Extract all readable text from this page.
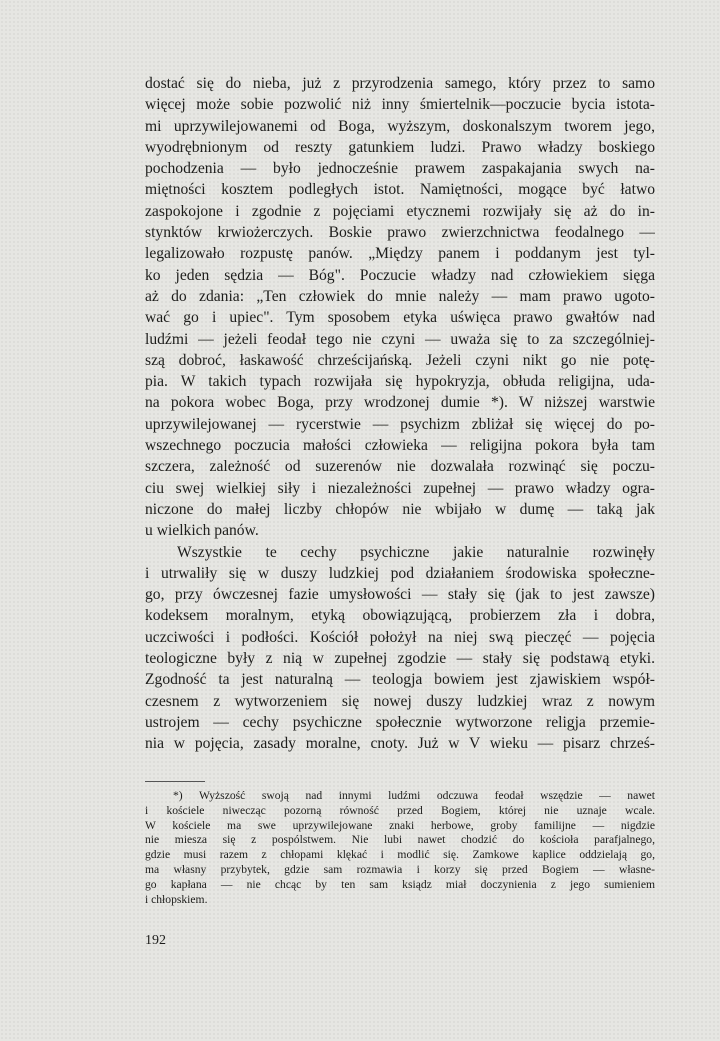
dostać się do nieba, już z przyrodzenia samego, który przez to samo
więcej może sobie pozwolić niż inny śmiertelnik—poczucie bycia istota-
mi uprzywilejowanemi od Boga, wyższym, doskonalszym tworem jego,
wyodrębnionym od reszty gatunkiem ludzi. Prawo władzy boskiego
pochodzenia — było jednocześnie prawem zaspakajania swych na-
miętności kosztem podległych istot. Namiętności, mogące być łatwo
zaspokojone i zgodnie z pojęciami etycznemi rozwijały się aż do in-
stynktów krwiożerczych. Boskie prawo zwierzchnictwa feodalnego —
legalizowało rozpustę panów. „Między panem i poddanym jest tyl-
ko jeden sędzia — Bóg". Poczucie władzy nad człowiekiem sięga
aż do zdania: „Ten człowiek do mnie należy — mam prawo ugoto-
wać go i upiec". Tym sposobem etyka uświęca prawo gwałtów nad
ludźmi — jeżeli feodał tego nie czyni — uważa się to za szczególniej-
szą dobroć, łaskawość chrześcijańską. Jeżeli czyni nikt go nie potę-
pia. W takich typach rozwijała się hypokryzja, obłuda religijna, uda-
na pokora wobec Boga, przy wrodzonej dumie *). W niższej warstwie
uprzywilejowanej — rycerstwie — psychizm zbliżał się więcej do po-
wszechnego poczucia małości człowieka — religijna pokora była tam
szczera, zależność od suzerenów nie dozwalała rozwinąć się poczu-
ciu swej wielkiej siły i niezależności zupełnej — prawo władzy ogra-
niczone do małej liczby chłopów nie wbijało w dumę — taką jak
u wielkich panów.
Wszystkie te cechy psychiczne jakie naturalnie rozwinęły
i utrwaliły się w duszy ludzkiej pod działaniem środowiska społeczne-
go, przy ówczesnej fazie umysłowości — stały się (jak to jest zawsze)
kodeksem moralnym, etyką obowiązującą, probierzem zła i dobra,
uczciwości i podłości. Kościół położył na niej swą pieczęć — pojęcia
teologiczne były z nią w zupełnej zgodzie — stały się podstawą etyki.
Zgodność ta jest naturalną — teologja bowiem jest zjawiskiem współ-
czesnem z wytworzeniem się nowej duszy ludzkiej wraz z nowym
ustrojem — cechy psychiczne społecznie wytworzone religja przemie-
nia w pojęcia, zasady moralne, cnoty. Już w V wieku — pisarz chrześ-
*) Wyższość swoją nad innymi ludźmi odczuwa feodał wszędzie — nawet
i kościele niwecząc pozorną równość przed Bogiem, której nie uznaje wcale.
W kościele ma swe uprzywilejowane znaki herbowe, groby familijne — nigdzie
nie miesza się z pospólstwem. Nie lubi nawet chodzić do kościoła parafjalnego,
gdzie musi razem z chłopami klękać i modlić się. Zamkowe kaplice oddzielają go,
ma własny przybytek, gdzie sam rozmawia i korzy się przed Bogiem — własne-
go kapłana — nie chcąc by ten sam ksiądz miał doczynienia z jego sumieniem
i chłopskiem.
192
